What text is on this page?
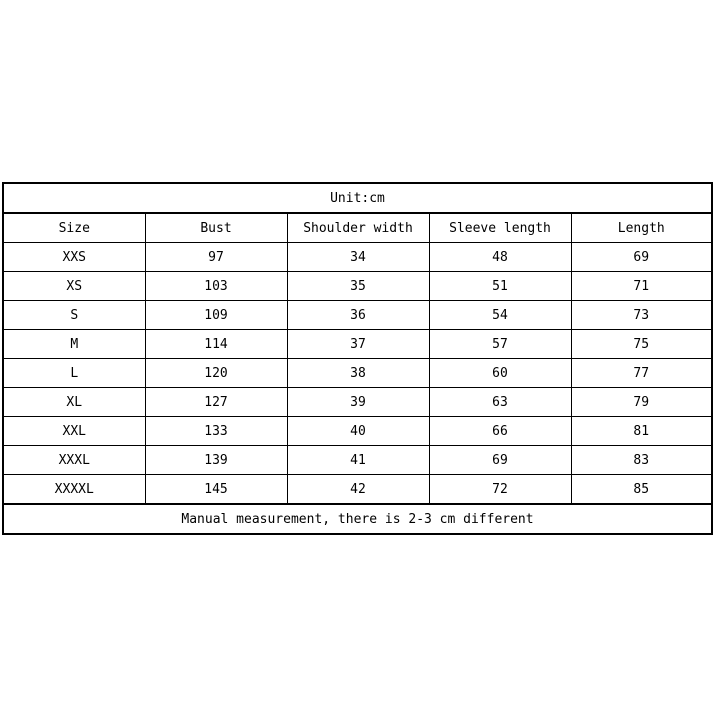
Unit:cm				
Size	Bust	Shoulder width	Sleeve length	Length
XXS	97	34	48	69
XS	103	35	51	71
S	109	36	54	73
M	114	37	57	75
L	120	38	60	77
XL	127	39	63	79
XXL	133	40	66	81
XXXL	139	41	69	83
XXXXL	145	42	72	85
Manual measurement, there is 2-3 cm different				
